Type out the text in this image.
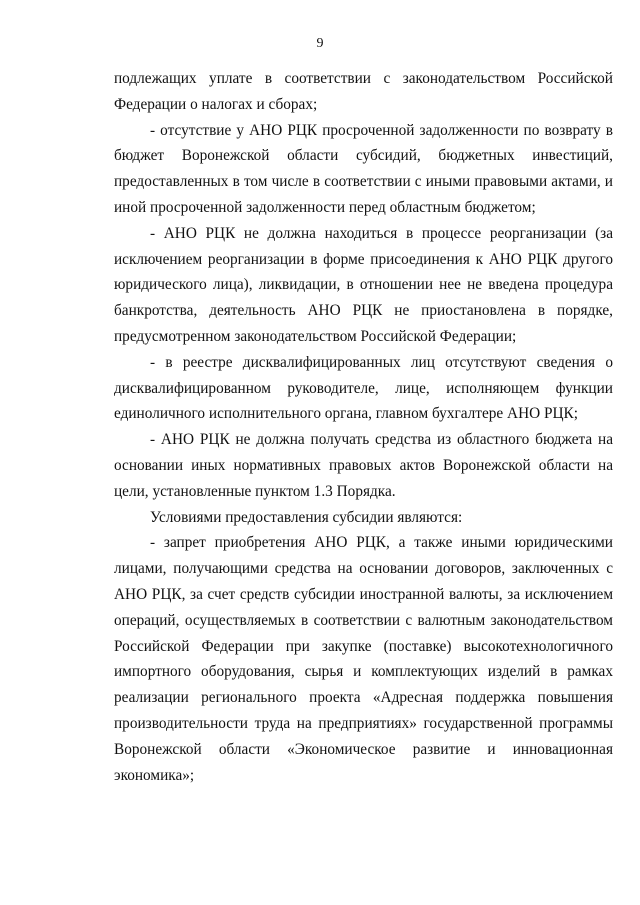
9

подлежащих уплате в соответствии с законодательством Российской Федерации о налогах и сборах;

- отсутствие у АНО РЦК просроченной задолженности по возврату в бюджет Воронежской области субсидий, бюджетных инвестиций, предоставленных в том числе в соответствии с иными правовыми актами, и иной просроченной задолженности перед областным бюджетом;

- АНО РЦК не должна находиться в процессе реорганизации (за исключением реорганизации в форме присоединения к АНО РЦК другого юридического лица), ликвидации, в отношении нее не введена процедура банкротства, деятельность АНО РЦК не приостановлена в порядке, предусмотренном законодательством Российской Федерации;

- в реестре дисквалифицированных лиц отсутствуют сведения о дисквалифицированном руководителе, лице, исполняющем функции единоличного исполнительного органа, главном бухгалтере АНО РЦК;

- АНО РЦК не должна получать средства из областного бюджета на основании иных нормативных правовых актов Воронежской области на цели, установленные пунктом 1.3 Порядка.

Условиями предоставления субсидии являются:

- запрет приобретения АНО РЦК, а также иными юридическими лицами, получающими средства на основании договоров, заключенных с АНО РЦК, за счет средств субсидии иностранной валюты, за исключением операций, осуществляемых в соответствии с валютным законодательством Российской Федерации при закупке (поставке) высокотехнологичного импортного оборудования, сырья и комплектующих изделий в рамках реализации регионального проекта «Адресная поддержка повышения производительности труда на предприятиях» государственной программы Воронежской области «Экономическое развитие и инновационная экономика»;
